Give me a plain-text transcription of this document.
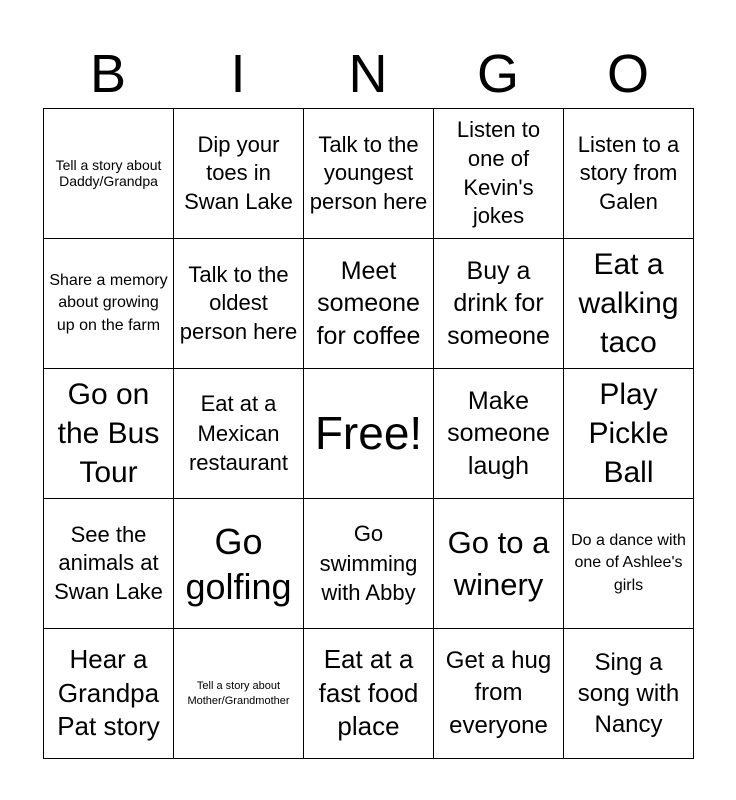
B	I	N	G	O
Tell a story about Daddy/Grandpa	Dip your toes in Swan Lake	Talk to the youngest person here	Listen to one of Kevin's jokes	Listen to a story from Galen
Share a memory about growing up on the farm	Talk to the oldest person here	Meet someone for coffee	Buy a drink for someone	Eat a walking taco
Go on the Bus Tour	Eat at a Mexican restaurant	Free!	Make someone laugh	Play Pickle Ball
See the animals at Swan Lake	Go golfing	Go swimming with Abby	Go to a winery	Do a dance with one of Ashlee's girls
Hear a Grandpa Pat story	Tell a story about Mother/Grandmother	Eat at a fast food place	Get a hug from everyone	Sing a song with Nancy
